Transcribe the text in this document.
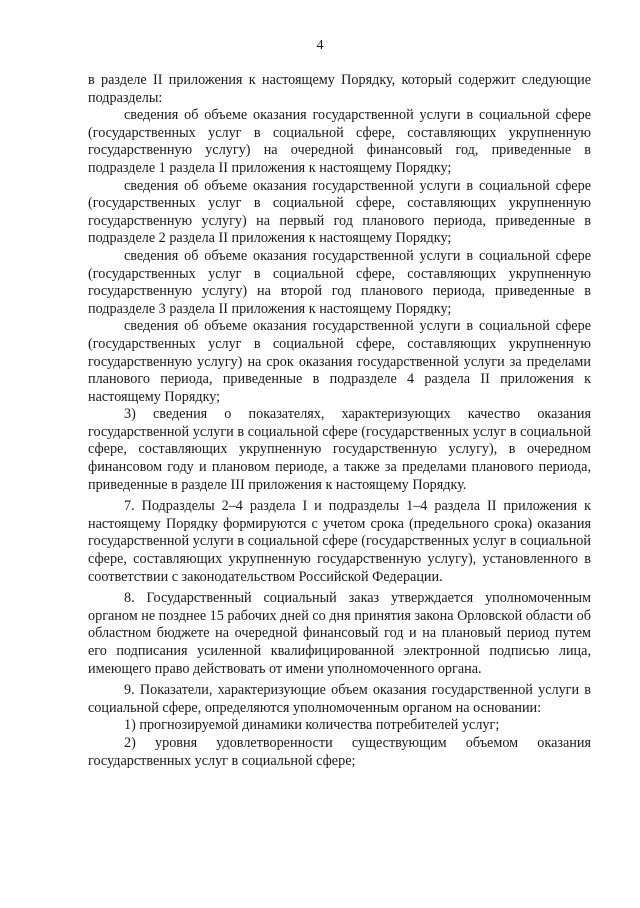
4

в разделе II приложения к настоящему Порядку, который содержит следующие подразделы:

сведения об объеме оказания государственной услуги в социальной сфере (государственных услуг в социальной сфере, составляющих укрупненную государственную услугу) на очередной финансовый год, приведенные в подразделе 1 раздела II приложения к настоящему Порядку;

сведения об объеме оказания государственной услуги в социальной сфере (государственных услуг в социальной сфере, составляющих укрупненную государственную услугу) на первый год планового периода, приведенные в подразделе 2 раздела II приложения к настоящему Порядку;

сведения об объеме оказания государственной услуги в социальной сфере (государственных услуг в социальной сфере, составляющих укрупненную государственную услугу) на второй год планового периода, приведенные в подразделе 3 раздела II приложения к настоящему Порядку;

сведения об объеме оказания государственной услуги в социальной сфере (государственных услуг в социальной сфере, составляющих укрупненную государственную услугу) на срок оказания государственной услуги за пределами планового периода, приведенные в подразделе 4 раздела II приложения к настоящему Порядку;

3) сведения о показателях, характеризующих качество оказания государственной услуги в социальной сфере (государственных услуг в социальной сфере, составляющих укрупненную государственную услугу), в очередном финансовом году и плановом периоде, а также за пределами планового периода, приведенные в разделе III приложения к настоящему Порядку.

7. Подразделы 2–4 раздела I и подразделы 1–4 раздела II приложения к настоящему Порядку формируются с учетом срока (предельного срока) оказания государственной услуги в социальной сфере (государственных услуг в социальной сфере, составляющих укрупненную государственную услугу), установленного в соответствии с законодательством Российской Федерации.

8. Государственный социальный заказ утверждается уполномоченным органом не позднее 15 рабочих дней со дня принятия закона Орловской области об областном бюджете на очередной финансовый год и на плановый период путем его подписания усиленной квалифицированной электронной подписью лица, имеющего право действовать от имени уполномоченного органа.

9. Показатели, характеризующие объем оказания государственной услуги в социальной сфере, определяются уполномоченным органом на основании:

1) прогнозируемой динамики количества потребителей услуг;

2) уровня удовлетворенности существующим объемом оказания государственных услуг в социальной сфере;
